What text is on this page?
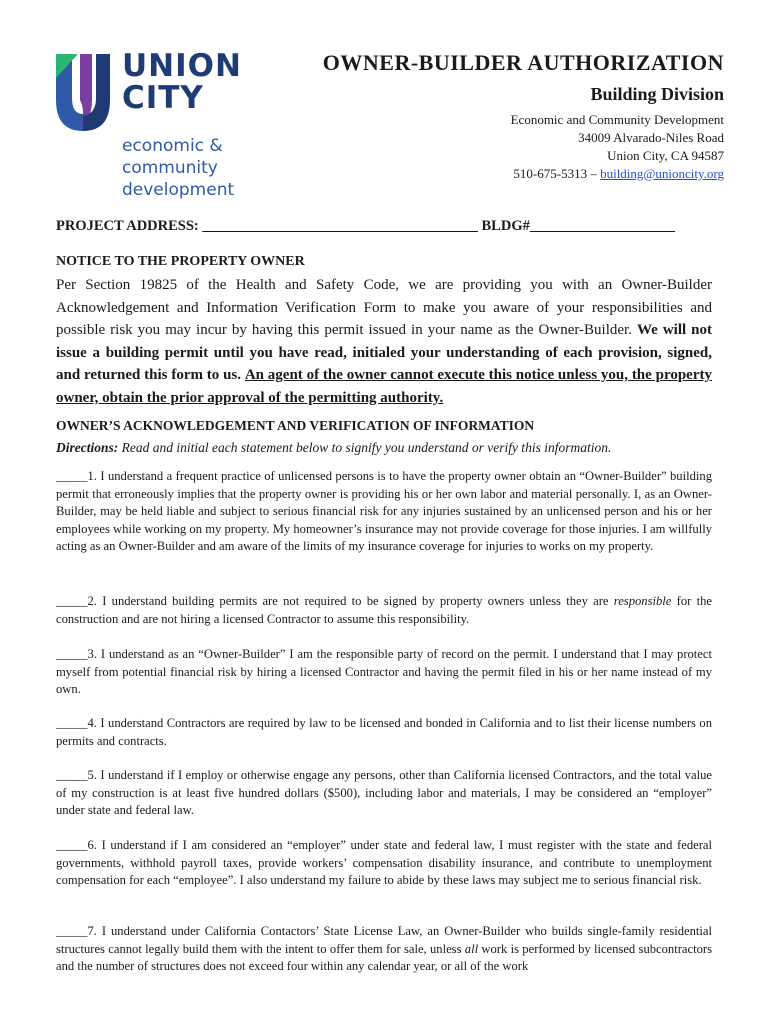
UNION
CITY
economic &
community
development
OWNER-BUILDER AUTHORIZATION
Building Division
Economic and Community Development
34009 Alvarado-Niles Road
Union City, CA 94587
510-675-5313 – building@unioncity.org
PROJECT ADDRESS: ______________________________________ BLDG#____________________
NOTICE TO THE PROPERTY OWNER
Per Section 19825 of the Health and Safety Code, we are providing you with an Owner-Builder Acknowledgement and Information Verification Form to make you aware of your responsibilities and possible risk you may incur by having this permit issued in your name as the Owner-Builder. We will not issue a building permit until you have read, initialed your understanding of each provision, signed, and returned this form to us. An agent of the owner cannot execute this notice unless you, the property owner, obtain the prior approval of the permitting authority.
OWNER’S ACKNOWLEDGEMENT AND VERIFICATION OF INFORMATION
Directions: Read and initial each statement below to signify you understand or verify this information.
_____1. I understand a frequent practice of unlicensed persons is to have the property owner obtain an “Owner-Builder” building permit that erroneously implies that the property owner is providing his or her own labor and material personally. I, as an Owner-Builder, may be held liable and subject to serious financial risk for any injuries sustained by an unlicensed person and his or her employees while working on my property. My homeowner’s insurance may not provide coverage for those injuries. I am willfully acting as an Owner-Builder and am aware of the limits of my insurance coverage for injuries to works on my property.
_____2. I understand building permits are not required to be signed by property owners unless they are responsible for the construction and are not hiring a licensed Contractor to assume this responsibility.
_____3. I understand as an “Owner-Builder” I am the responsible party of record on the permit. I understand that I may protect myself from potential financial risk by hiring a licensed Contractor and having the permit filed in his or her name instead of my own.
_____4. I understand Contractors are required by law to be licensed and bonded in California and to list their license numbers on permits and contracts.
_____5. I understand if I employ or otherwise engage any persons, other than California licensed Contractors, and the total value of my construction is at least five hundred dollars ($500), including labor and materials, I may be considered an “employer” under state and federal law.
_____6. I understand if I am considered an “employer” under state and federal law, I must register with the state and federal governments, withhold payroll taxes, provide workers’ compensation disability insurance, and contribute to unemployment compensation for each “employee”. I also understand my failure to abide by these laws may subject me to serious financial risk.
_____7. I understand under California Contactors’ State License Law, an Owner-Builder who builds single-family residential structures cannot legally build them with the intent to offer them for sale, unless all work is performed by licensed subcontractors and the number of structures does not exceed four within any calendar year, or all of the work
